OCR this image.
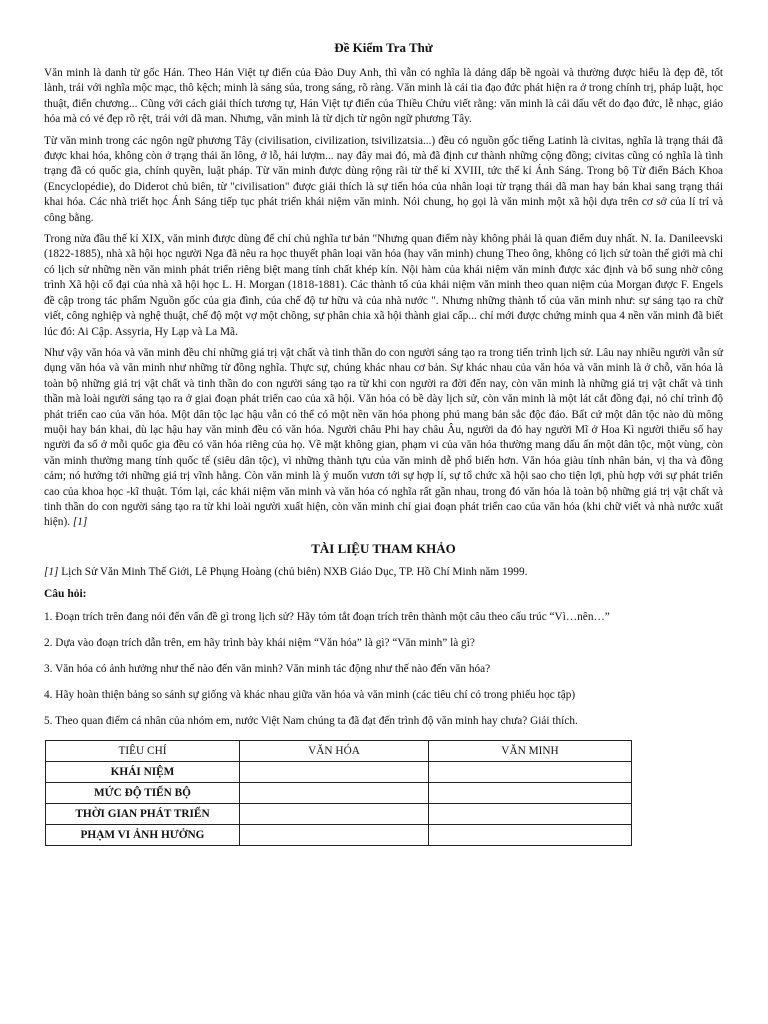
Đề Kiểm Tra Thử

Văn minh là danh từ gốc Hán. Theo Hán Việt tự điển của Đào Duy Anh, thì vẫn có nghĩa là dáng dấp bề ngoài và thường được hiểu là đẹp đẽ, tốt lành, trái với nghĩa mộc mạc, thô kệch; minh là sáng sủa, trong sáng, rõ ràng. Văn minh là cái tia đạo đức phát hiện ra ở trong chính trị, pháp luật, học thuật, điển chương... Cũng với cách giải thích tương tự, Hán Việt tự điển của Thiều Chửu viết rằng: văn minh là cái dấu vết do đạo đức, lễ nhạc, giáo hóa mà có vẻ đẹp rõ rệt, trái với dã man. Nhưng, văn minh là từ dịch từ ngôn ngữ phương Tây.

Từ văn minh trong các ngôn ngữ phương Tây (civilisation, civilization, tsivilizatsia...) đều có nguồn gốc tiếng Latinh là civitas, nghĩa là trạng thái đã được khai hóa, không còn ở trạng thái ăn lông, ở lỗ, hái lượm... nay đây mai đó, mà đã định cư thành những cộng đồng; civitas cũng có nghĩa là tình trạng đã có quốc gia, chính quyền, luật pháp. Từ văn minh được dùng rộng rãi từ thế kỉ XVIII, tức thế kỉ Ánh Sáng. Trong bộ Từ điển Bách Khoa (Encyclopédie), do Diderot chủ biên, từ "civilisation" được giải thích là sự tiến hóa của nhân loại từ trạng thái dã man hay bán khai sang trạng thái khai hóa. Các nhà triết học Ánh Sáng tiếp tục phát triển khái niệm văn minh. Nói chung, họ gọi là văn minh một xã hội dựa trên cơ sở của lí trí và công bằng.

Trong nửa đầu thế kỉ XIX, văn minh được dùng để chỉ chủ nghĩa tư bản "Nhưng quan điểm này không phải là quan điểm duy nhất. N. Ia. Danileevski (1822-1885), nhà xã hội học người Nga đã nêu ra học thuyết phân loại văn hóa (hay văn minh) chung Theo ông, không có lịch sử toàn thế giới mà chỉ có lịch sử những nền văn minh phát triển riêng biệt mang tính chất khép kín. Nội hàm của khái niệm văn minh được xác định và bổ sung nhờ công trình Xã hội cổ đại của nhà xã hội học L. H. Morgan (1818-1881). Các thành tố của khái niệm văn minh theo quan niệm của Morgan được F. Engels đề cập trong tác phẩm Nguồn gốc của gia đình, của chế độ tư hữu và của nhà nước ". Nhưng những thành tố của văn minh như: sự sáng tạo ra chữ viết, công nghiệp và nghệ thuật, chế độ một vợ một chồng, sự phân chia xã hội thành giai cấp... chỉ mới được chứng minh qua 4 nền văn minh đã biết lúc đó: Ai Cập. Assyria, Hy Lạp và La Mã.

Như vậy văn hóa và văn minh đều chỉ những giá trị vật chất và tinh thần do con người sáng tạo ra trong tiến trình lịch sử. Lâu nay nhiều người vẫn sử dụng văn hóa và văn minh như những từ đồng nghĩa. Thực sự, chúng khác nhau cơ bản. Sự khác nhau của văn hóa và văn minh là ở chỗ, văn hóa là toàn bộ những giá trị vật chất và tinh thần do con người sáng tạo ra từ khi con người ra đời đến nay, còn văn minh là những giá trị vật chất và tinh thần mà loài người sáng tạo ra ở giai đoạn phát triển cao của xã hội. Văn hóa có bề dày lịch sử, còn văn minh là một lát cắt đồng đại, nó chỉ trình độ phát triển cao của văn hóa. Một dân tộc lạc hậu vẫn có thể có một nền văn hóa phong phú mang bản sắc độc đáo. Bất cứ một dân tộc nào dù mông muội hay bán khai, dù lạc hậu hay văn minh đều có văn hóa. Người châu Phi hay châu Âu, người da đỏ hay người Mĩ ở Hoa Kì người thiểu số hay người đa số ở mỗi quốc gia đều có văn hóa riêng của họ. Về mặt không gian, phạm vi của văn hóa thường mang dấu ấn một dân tộc, một vùng, còn văn minh thường mang tính quốc tế (siêu dân tộc), vì những thành tựu của văn minh dễ phổ biến hơn. Văn hóa giàu tính nhân bản, vị tha và đồng cảm; nó hướng tới những giá trị vĩnh hằng. Còn văn minh là ý muốn vươn tới sự hợp lí, sự tổ chức xã hội sao cho tiện lợi, phù hợp với sự phát triển cao của khoa học -kĩ thuật. Tóm lại, các khái niệm văn minh và văn hóa có nghĩa rất gần nhau, trong đó văn hóa là toàn bộ những giá trị vật chất và tinh thần do con người sáng tạo ra từ khi loài người xuất hiện, còn văn minh chỉ giai đoạn phát triển cao của văn hóa (khi chữ viết và nhà nước xuất hiện). [1]

TÀI LIỆU THAM KHẢO

[1] Lịch Sử Văn Minh Thế Giới, Lê Phụng Hoàng (chủ biên) NXB Giáo Dục, TP. Hồ Chí Minh năm 1999.

Câu hỏi:

1. Đoạn trích trên đang nói đến vấn đề gì trong lịch sử? Hãy tóm tắt đoạn trích trên thành một câu theo cấu trúc “Vì…nên…”

2. Dựa vào đoạn trích dẫn trên, em hãy trình bày khái niệm “Văn hóa” là gì? “Văn minh” là gì?

3. Văn hóa có ảnh hưởng như thế nào đến văn minh? Văn minh tác động như thế nào đến văn hóa?

4. Hãy hoàn thiện bảng so sánh sự giống và khác nhau giữa văn hóa và văn minh (các tiêu chí có trong phiếu học tập)

5. Theo quan điểm cá nhân của nhóm em, nước Việt Nam chúng ta đã đạt đến trình độ văn minh hay chưa? Giải thích.

TIÊU CHÍ	VĂN HÓA	VĂN MINH
KHÁI NIỆM		
MỨC ĐỘ TIẾN BỘ		
THỜI GIAN PHÁT TRIỂN		
PHẠM VI ẢNH HƯỞNG		
